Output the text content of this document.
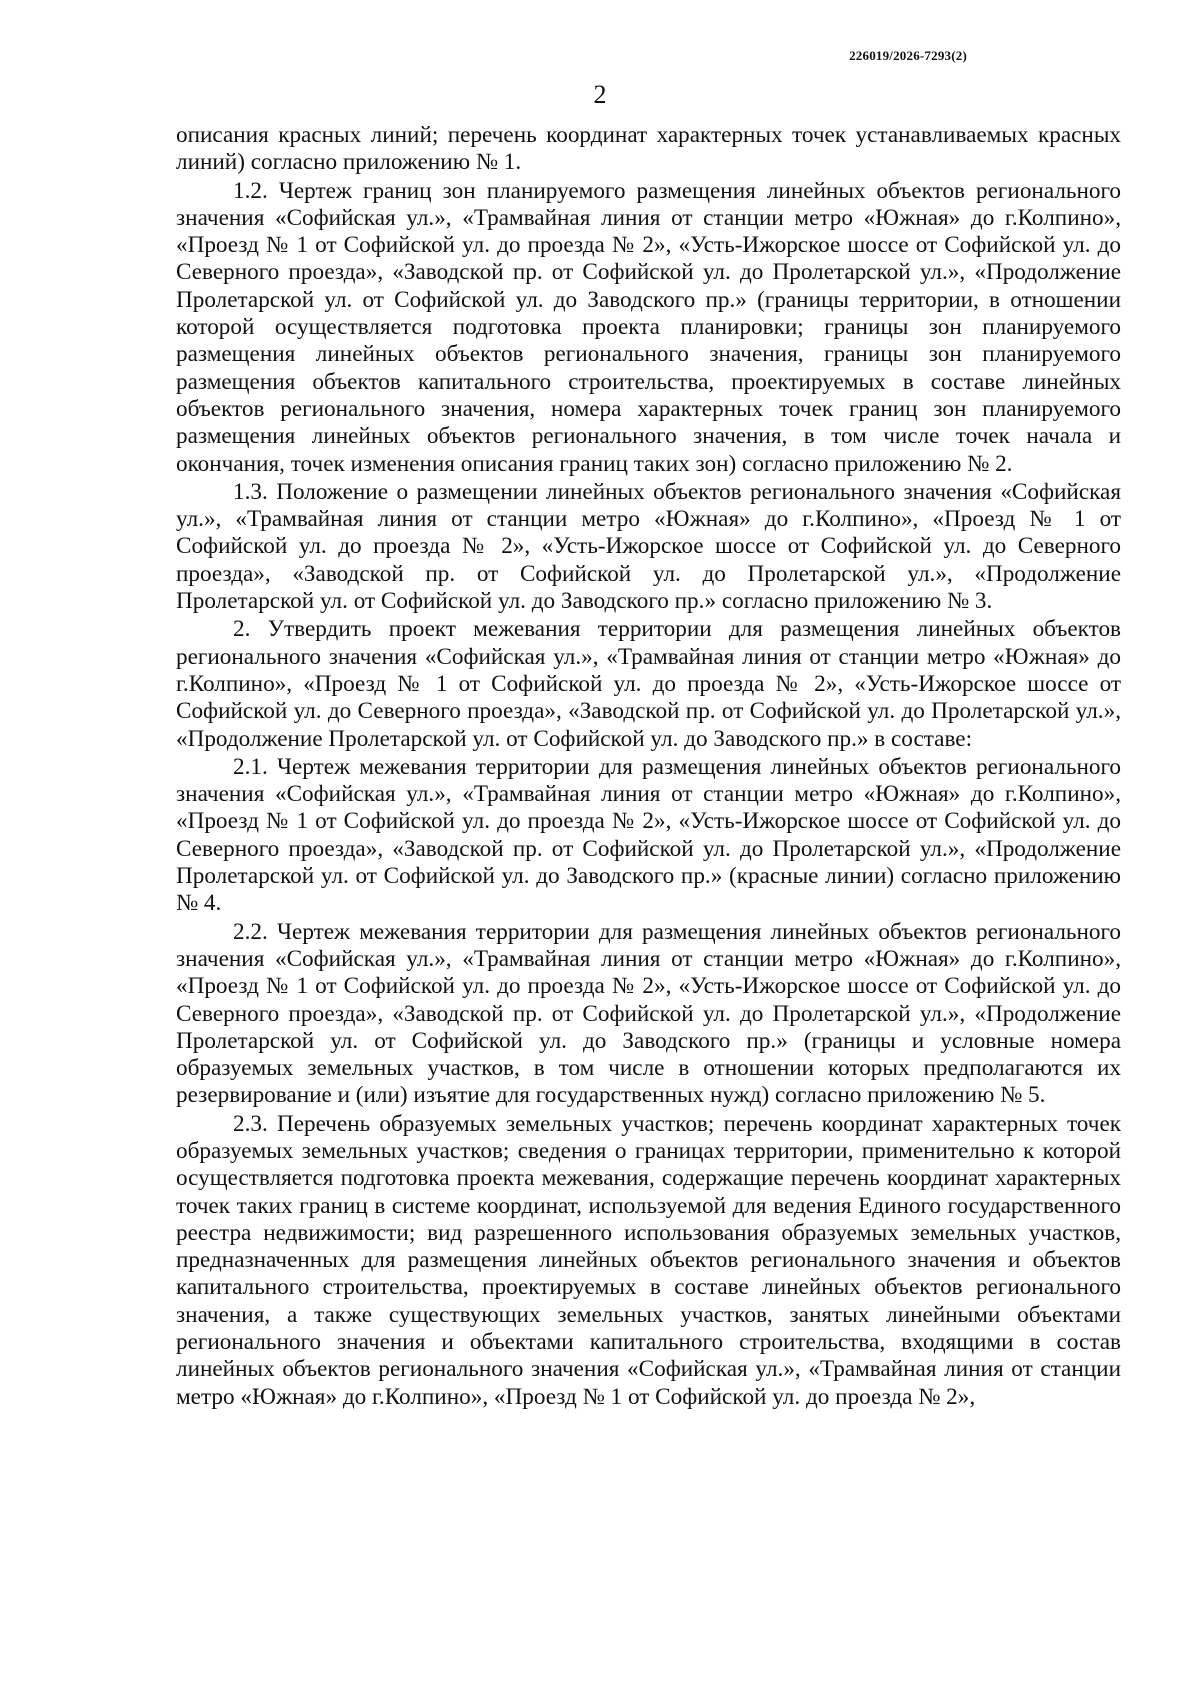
226019/2026-7293(2)
2

описания красных линий; перечень координат характерных точек устанавливаемых красных линий) согласно приложению № 1.

1.2. Чертеж границ зон планируемого размещения линейных объектов регионального значения «Софийская ул.», «Трамвайная линия от станции метро «Южная» до г.Колпино», «Проезд № 1 от Софийской ул. до проезда № 2», «Усть-Ижорское шоссе от Софийской ул. до Северного проезда», «Заводской пр. от Софийской ул. до Пролетарской ул.», «Продолжение Пролетарской ул. от Софийской ул. до Заводского пр.» (границы территории, в отношении которой осуществляется подготовка проекта планировки; границы зон планируемого размещения линейных объектов регионального значения, границы зон планируемого размещения объектов капитального строительства, проектируемых в составе линейных объектов регионального значения, номера характерных точек границ зон планируемого размещения линейных объектов регионального значения, в том числе точек начала и окончания, точек изменения описания границ таких зон) согласно приложению № 2.

1.3. Положение о размещении линейных объектов регионального значения «Софийская ул.», «Трамвайная линия от станции метро «Южная» до г.Колпино», «Проезд № 1 от Софийской ул. до проезда № 2», «Усть-Ижорское шоссе от Софийской ул. до Северного проезда», «Заводской пр. от Софийской ул. до Пролетарской ул.», «Продолжение Пролетарской ул. от Софийской ул. до Заводского пр.» согласно приложению № 3.

2. Утвердить проект межевания территории для размещения линейных объектов регионального значения «Софийская ул.», «Трамвайная линия от станции метро «Южная» до г.Колпино», «Проезд № 1 от Софийской ул. до проезда № 2», «Усть-Ижорское шоссе от Софийской ул. до Северного проезда», «Заводской пр. от Софийской ул. до Пролетарской ул.», «Продолжение Пролетарской ул. от Софийской ул. до Заводского пр.» в составе:

2.1. Чертеж межевания территории для размещения линейных объектов регионального значения «Софийская ул.», «Трамвайная линия от станции метро «Южная» до г.Колпино», «Проезд № 1 от Софийской ул. до проезда № 2», «Усть-Ижорское шоссе от Софийской ул. до Северного проезда», «Заводской пр. от Софийской ул. до Пролетарской ул.», «Продолжение Пролетарской ул. от Софийской ул. до Заводского пр.» (красные линии) согласно приложению № 4.

2.2. Чертеж межевания территории для размещения линейных объектов регионального значения «Софийская ул.», «Трамвайная линия от станции метро «Южная» до г.Колпино», «Проезд № 1 от Софийской ул. до проезда № 2», «Усть-Ижорское шоссе от Софийской ул. до Северного проезда», «Заводской пр. от Софийской ул. до Пролетарской ул.», «Продолжение Пролетарской ул. от Софийской ул. до Заводского пр.» (границы и условные номера образуемых земельных участков, в том числе в отношении которых предполагаются их резервирование и (или) изъятие для государственных нужд) согласно приложению № 5.

2.3. Перечень образуемых земельных участков; перечень координат характерных точек образуемых земельных участков; сведения о границах территории, применительно к которой осуществляется подготовка проекта межевания, содержащие перечень координат характерных точек таких границ в системе координат, используемой для ведения Единого государственного реестра недвижимости; вид разрешенного использования образуемых земельных участков, предназначенных для размещения линейных объектов регионального значения и объектов капитального строительства, проектируемых в составе линейных объектов регионального значения, а также существующих земельных участков, занятых линейными объектами регионального значения и объектами капитального строительства, входящими в состав линейных объектов регионального значения «Софийская ул.», «Трамвайная линия от станции метро «Южная» до г.Колпино», «Проезд № 1 от Софийской ул. до проезда № 2»,
